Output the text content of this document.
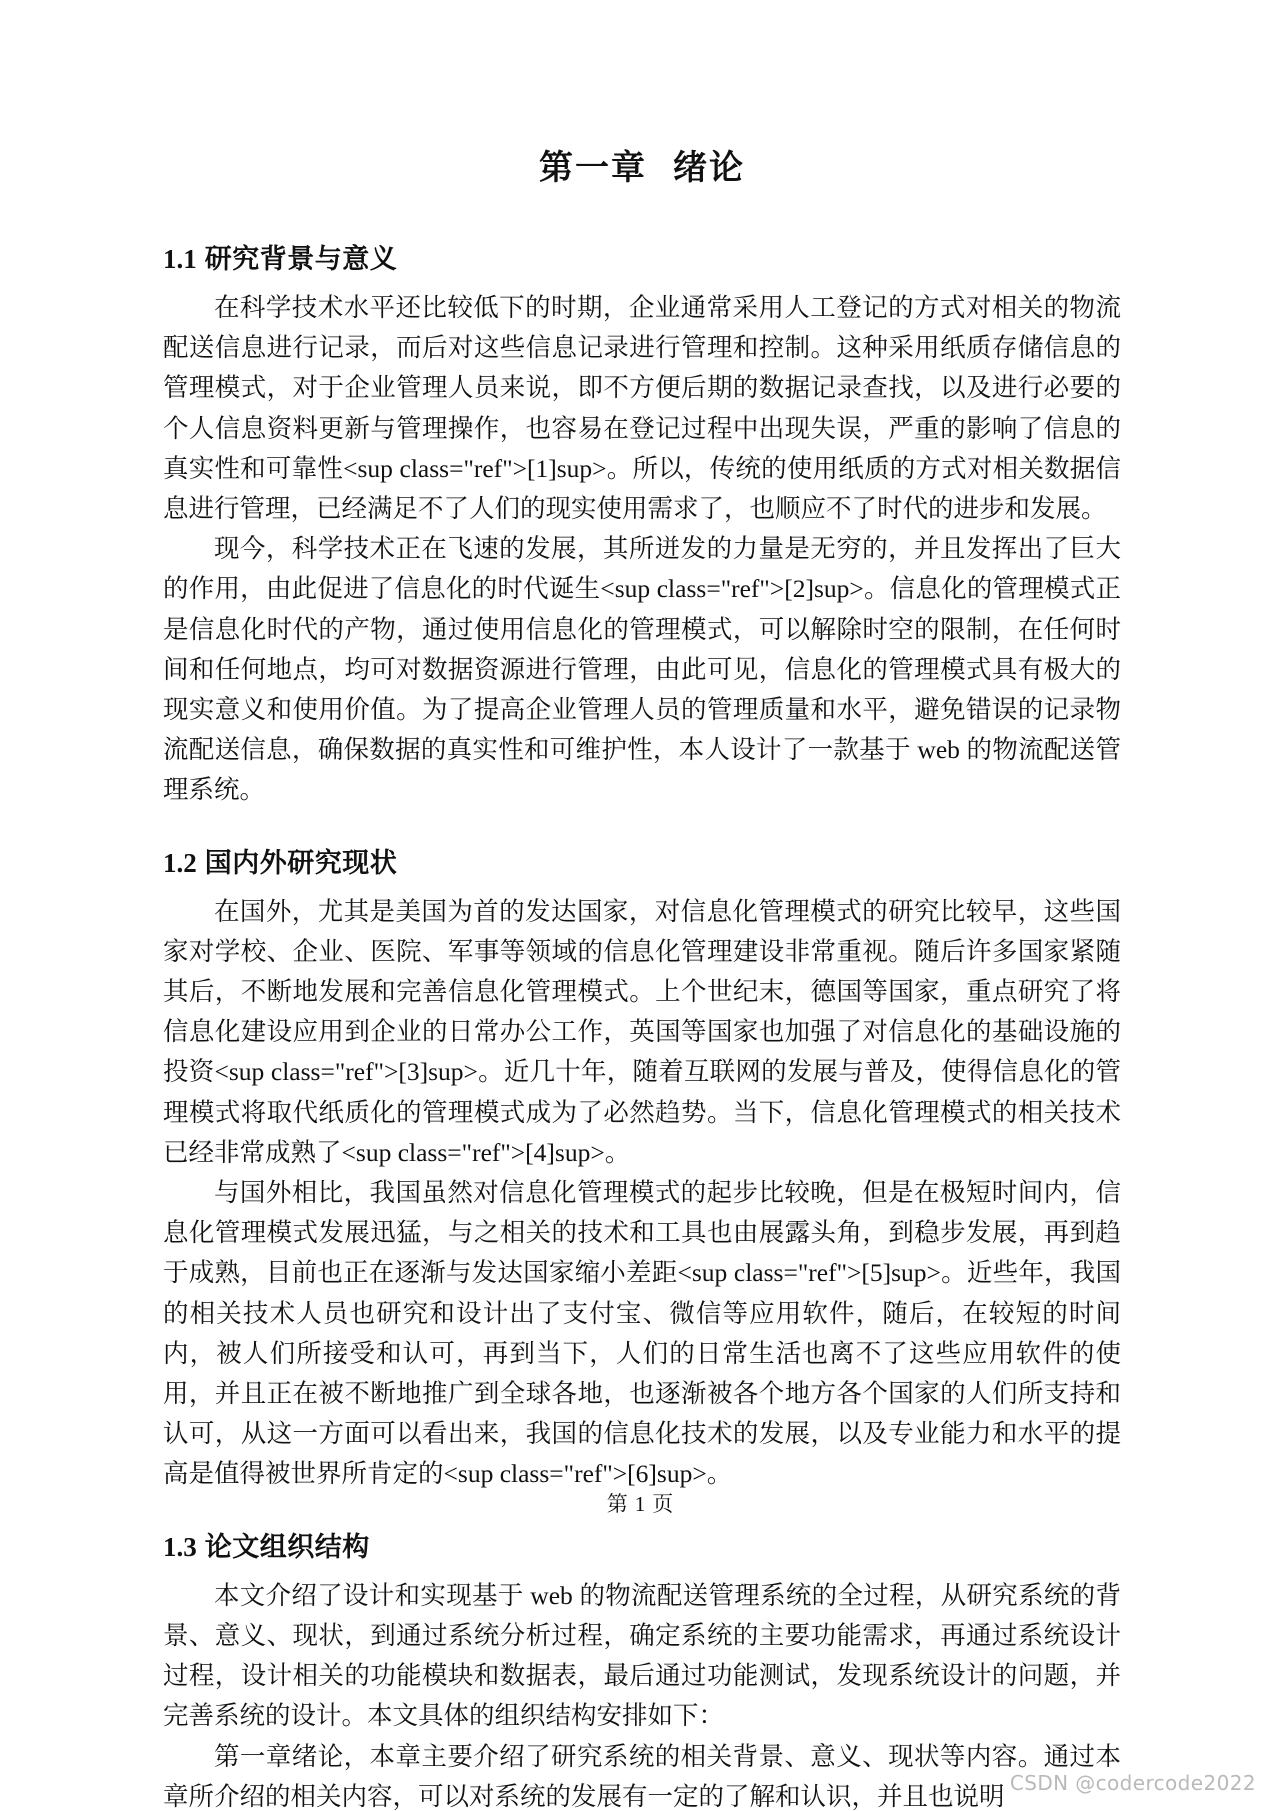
第一章 绪论
1.1 研究背景与意义

在科学技术水平还比较低下的时期，企业通常采用人工登记的方式对相关的物流配送信息进行记录，而后对这些信息记录进行管理和控制。这种采用纸质存储信息的管理模式，对于企业管理人员来说，即不方便后期的数据记录查找，以及进行必要的个人信息资料更新与管理操作，也容易在登记过程中出现失误，严重的影响了信息的真实性和可靠性<sup class="ref">[1]sup>。所以，传统的使用纸质的方式对相关数据信息进行管理，已经满足不了人们的现实使用需求了，也顺应不了时代的进步和发展。

现今，科学技术正在飞速的发展，其所迸发的力量是无穷的，并且发挥出了巨大的作用，由此促进了信息化的时代诞生<sup class="ref">[2]sup>。信息化的管理模式正是信息化时代的产物，通过使用信息化的管理模式，可以解除时空的限制，在任何时间和任何地点，均可对数据资源进行管理，由此可见，信息化的管理模式具有极大的现实意义和使用价值。为了提高企业管理人员的管理质量和水平，避免错误的记录物流配送信息，确保数据的真实性和可维护性，本人设计了一款基于 web 的物流配送管理系统。

1.2 国内外研究现状

在国外，尤其是美国为首的发达国家，对信息化管理模式的研究比较早，这些国家对学校、企业、医院、军事等领域的信息化管理建设非常重视。随后许多国家紧随其后，不断地发展和完善信息化管理模式。上个世纪末，德国等国家，重点研究了将信息化建设应用到企业的日常办公工作，英国等国家也加强了对信息化的基础设施的投资<sup class="ref">[3]sup>。近几十年，随着互联网的发展与普及，使得信息化的管理模式将取代纸质化的管理模式成为了必然趋势。当下，信息化管理模式的相关技术已经非常成熟了<sup class="ref">[4]sup>。

与国外相比，我国虽然对信息化管理模式的起步比较晚，但是在极短时间内，信息化管理模式发展迅猛，与之相关的技术和工具也由展露头角，到稳步发展，再到趋于成熟，目前也正在逐渐与发达国家缩小差距<sup class="ref">[5]sup>。近些年，我国的相关技术人员也研究和设计出了支付宝、微信等应用软件，随后，在较短的时间内，被人们所接受和认可，再到当下，人们的日常生活也离不了这些应用软件的使用，并且正在被不断地推广到全球各地，也逐渐被各个地方各个国家的人们所支持和认可，从这一方面可以看出来，我国的信息化技术的发展，以及专业能力和水平的提高是值得被世界所肯定的<sup class="ref">[6]sup>。

1.3 论文组织结构

本文介绍了设计和实现基于 web 的物流配送管理系统的全过程，从研究系统的背景、意义、现状，到通过系统分析过程，确定系统的主要功能需求，再通过系统设计过程，设计相关的功能模块和数据表，最后通过功能测试，发现系统设计的问题，并完善系统的设计。本文具体的组织结构安排如下：

第一章绪论，本章主要介绍了研究系统的相关背景、意义、现状等内容。通过本章所介绍的相关内容，可以对系统的发展有一定的了解和认识，并且也说明

第 1 页
CSDN @codercode2022
